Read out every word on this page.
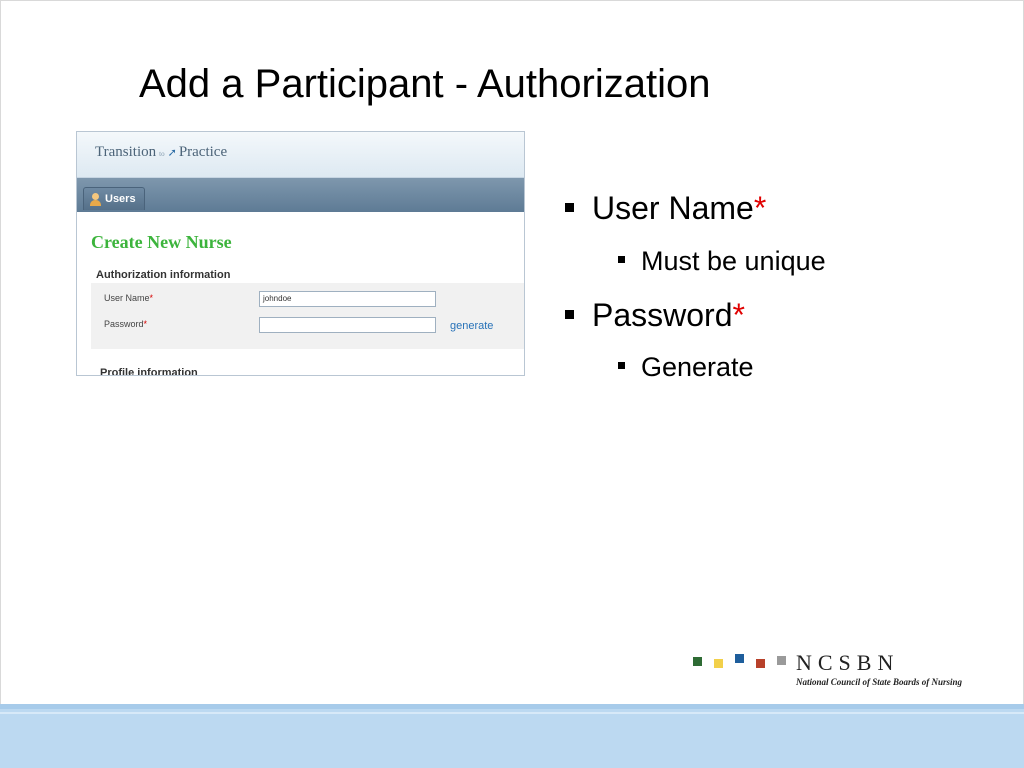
Add a Participant - Authorization
Transition to ➚ Practice
Users
Create New Nurse
Authorization information
User Name*	johndoe
Password*	generate
Profile information
User Name*
Must be unique
Password*
Generate
NCSBN
National Council of State Boards of Nursing
